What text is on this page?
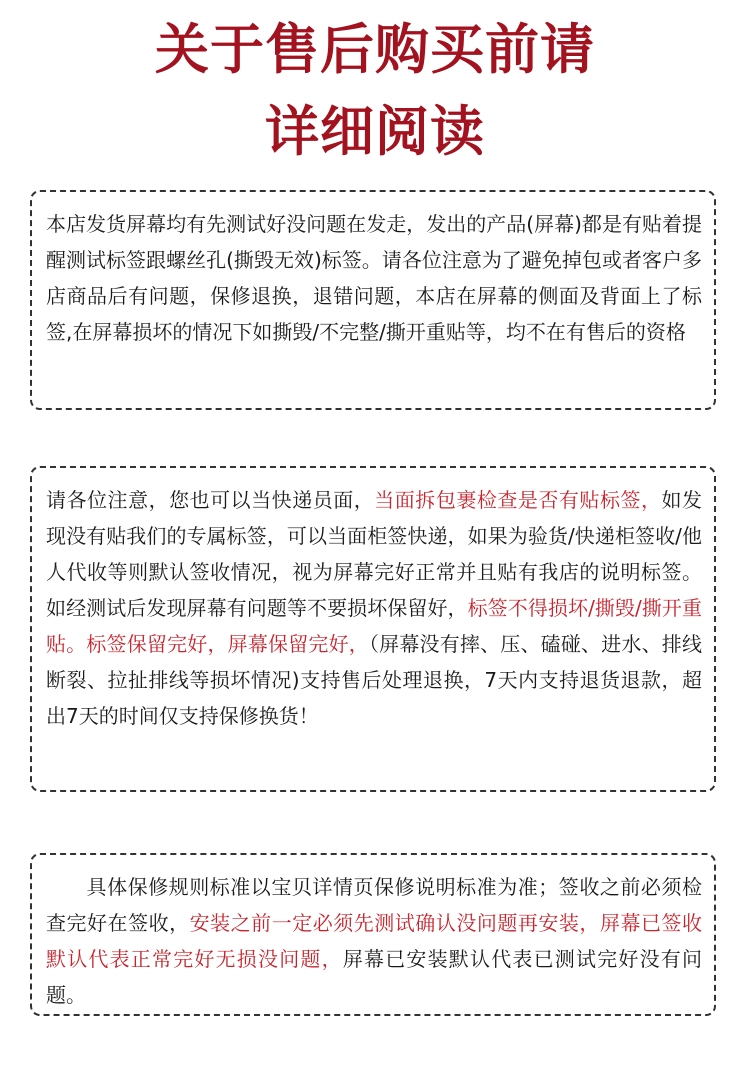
关于售后购买前请
详细阅读
本店发货屏幕均有先测试好没问题在发走，发出的产品(屏幕)都是有贴着提醒测试标签跟螺丝孔(撕毁无效)标签。请各位注意为了避免掉包或者客户多店商品后有问题，保修退换，退错问题，本店在屏幕的侧面及背面上了标签,在屏幕损坏的情况下如撕毁/不完整/撕开重贴等，均不在有售后的资格
请各位注意，您也可以当快递员面，当面拆包裹检查是否有贴标签，如发现没有贴我们的专属标签，可以当面柜签快递，如果为验货/快递柜签收/他人代收等则默认签收情况，视为屏幕完好正常并且贴有我店的说明标签。如经测试后发现屏幕有问题等不要损坏保留好，标签不得损坏/撕毁/撕开重贴。标签保留完好，屏幕保留完好，（屏幕没有摔、压、磕碰、进水、排线断裂、拉扯排线等损坏情况)支持售后处理退换，7天内支持退货退款，超出7天的时间仅支持保修换货！
具体保修规则标准以宝贝详情页保修说明标准为准；签收之前必须检查完好在签收，安装之前一定必须先测试确认没问题再安装，屏幕已签收默认代表正常完好无损没问题，屏幕已安装默认代表已测试完好没有问题。
